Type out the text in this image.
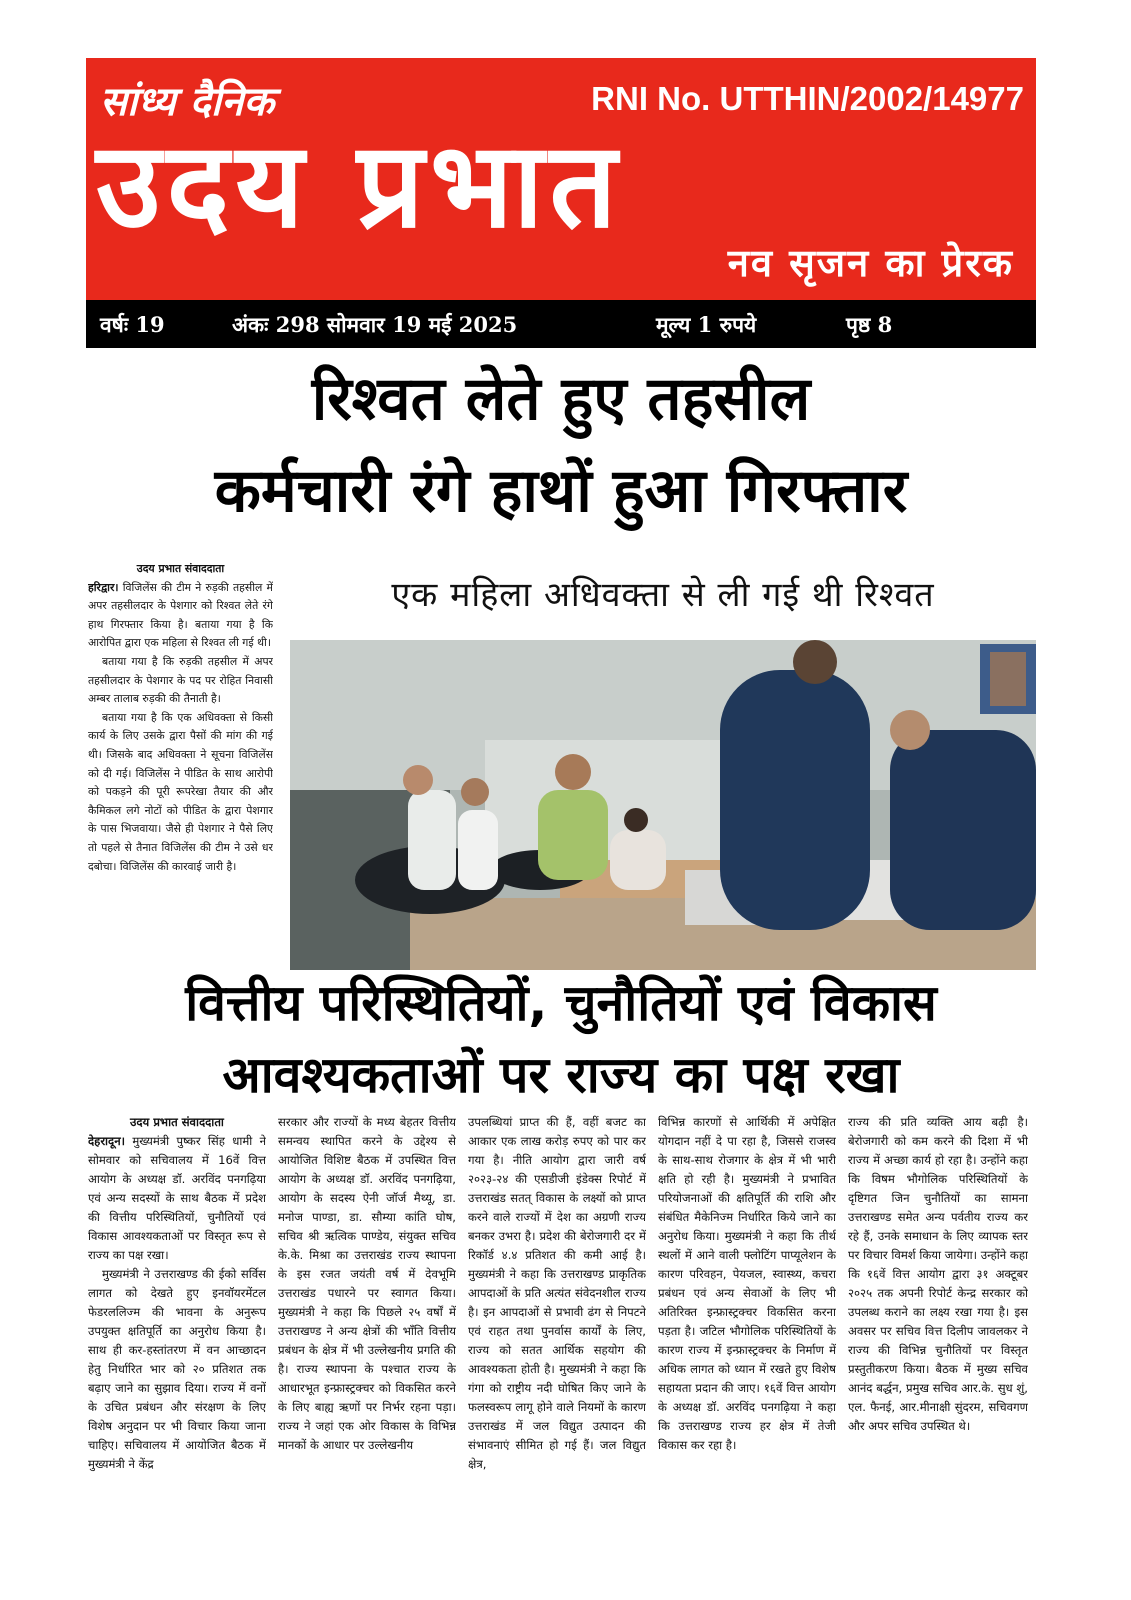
सांध्य दैनिक	RNI No. UTTHIN/2002/14977
उदय प्रभात
नव सृजन का प्रेरक
वर्षः 19	अंकः 298 सोमवार 19 मई 2025	मूल्य 1 रुपये	पृष्ठ 8
रिश्वत लेते हुए तहसील
कर्मचारी रंगे हाथों हुआ गिरफ्तार
उदय प्रभात संवाददाता

हरिद्वार। विजिलेंस की टीम ने रुड़की तहसील में अपर तहसीलदार के पेशगार को रिश्वत लेते रंगे हाथ गिरफ्तार किया है। बताया गया है कि आरोपित द्वारा एक महिला से रिश्वत ली गई थी।

बताया गया है कि रुड़की तहसील में अपर तहसीलदार के पेशगार के पद पर रोहित निवासी अम्बर तालाब रुड़की की तैनाती है।

बताया गया है कि एक अधिवक्ता से किसी कार्य के लिए उसके द्वारा पैसों की मांग की गई थी। जिसके बाद अधिवक्ता ने सूचना विजिलेंस को दी गई। विजिलेंस ने पीडित के साथ आरोपी को पकड़ने की पूरी रूपरेखा तैयार की और कैमिकल लगे नोटों को पीडित के द्वारा पेशगार के पास भिजवाया। जैसे ही पेशगार ने पैसे लिए तो पहले से तैनात विजिलेंस की टीम ने उसे धर दबोचा। विजिलेंस की कारवाई जारी है।

एक महिला अधिवक्ता से ली गई थी रिश्वत
वित्तीय परिस्थितियों, चुनौतियों एवं विकास
आवश्यकताओं पर राज्य का पक्ष रखा
उदय प्रभात संवाददाता

देहरादून। मुख्यमंत्री पुष्कर सिंह धामी ने सोमवार को सचिवालय में 16वें वित्त आयोग के अध्यक्ष डॉ. अरविंद पनगढ़िया एवं अन्य सदस्यों के साथ बैठक में प्रदेश की वित्तीय परिस्थितियों, चुनौतियों एवं विकास आवश्यकताओं पर विस्तृत रूप से राज्य का पक्ष रखा।

मुख्यमंत्री ने उत्तराखण्ड की ईको सर्विस लागत को देखते हुए इनवॉयरमेंटल फेडरललिज्म की भावना के अनुरूप उपयुक्त क्षतिपूर्ति का अनुरोध किया है। साथ ही कर-हस्तांतरण में वन आच्छादन हेतु निर्धारित भार को २० प्रतिशत तक बढ़ाए जाने का सुझाव दिया। राज्य में वनों के उचित प्रबंधन और संरक्षण के लिए विशेष अनुदान पर भी विचार किया जाना चाहिए। सचिवालय में आयोजित बैठक में मुख्यमंत्री ने केंद्र

सरकार और राज्यों के मध्य बेहतर वित्तीय समन्वय स्थापित करने के उद्देश्य से आयोजित विशिष्ट बैठक में उपस्थित वित्त आयोग के अध्यक्ष डॉ. अरविंद पनगढ़िया, आयोग के सदस्य ऐनी जॉर्ज मैथ्यू, डा. मनोज पाण्डा, डा. सौम्या कांति घोष, सचिव श्री ऋत्विक पाण्डेय, संयुक्त सचिव के.के. मिश्रा का उत्तराखंड राज्य स्थापना के इस रजत जयंती वर्ष में देवभूमि उत्तराखंड पधारने पर स्वागत किया। मुख्यमंत्री ने कहा कि पिछले २५ वर्षों में उत्तराखण्ड ने अन्य क्षेत्रों की भाँति वित्तीय प्रबंधन के क्षेत्र में भी उल्लेखनीय प्रगति की है। राज्य स्थापना के पश्चात राज्य के आधारभूत इन्फ्रास्ट्रक्चर को विकसित करने के लिए बाह्य ऋणों पर निर्भर रहना पड़ा। राज्य ने जहां एक ओर विकास के विभिन्न मानकों के आधार पर उल्लेखनीय

उपलब्धियां प्राप्त की हैं, वहीं बजट का आकार एक लाख करोड़ रुपए को पार कर गया है। नीति आयोग द्वारा जारी वर्ष २०२३-२४ की एसडीजी इंडेक्स रिपोर्ट में उत्तराखंड सतत् विकास के लक्ष्यों को प्राप्त करने वाले राज्यों में देश का अग्रणी राज्य बनकर उभरा है। प्रदेश की बेरोजगारी दर में रिकॉर्ड ४.४ प्रतिशत की कमी आई है। मुख्यमंत्री ने कहा कि उत्तराखण्ड प्राकृतिक आपदाओं के प्रति अत्यंत संवेदनशील राज्य है। इन आपदाओं से प्रभावी ढंग से निपटने एवं राहत तथा पुनर्वास कार्यों के लिए, राज्य को सतत आर्थिक सहयोग की आवश्यकता होती है। मुख्यमंत्री ने कहा कि गंगा को राष्ट्रीय नदी घोषित किए जाने के फलस्वरूप लागू होने वाले नियमों के कारण उत्तराखंड में जल विद्युत उत्पादन की संभावनाएं सीमित हो गई हैं। जल विद्युत क्षेत्र,

विभिन्न कारणों से आर्थिकी में अपेक्षित योगदान नहीं दे पा रहा है, जिससे राजस्व के साथ-साथ रोजगार के क्षेत्र में भी भारी क्षति हो रही है। मुख्यमंत्री ने प्रभावित परियोजनाओं की क्षतिपूर्ति की राशि और संबंधित मैकेनिज्म निर्धारित किये जाने का अनुरोध किया। मुख्यमंत्री ने कहा कि तीर्थ स्थलों में आने वाली फ्लोटिंग पाप्यूलेशन के कारण परिवहन, पेयजल, स्वास्थ्य, कचरा प्रबंधन एवं अन्य सेवाओं के लिए भी अतिरिक्त इन्फ्रास्ट्रक्चर विकसित करना पड़ता है। जटिल भौगोलिक परिस्थितियों के कारण राज्य में इन्फ्रास्ट्रक्चर के निर्माण में अधिक लागत को ध्यान में रखते हुए विशेष सहायता प्रदान की जाए। १६वें वित्त आयोग के अध्यक्ष डॉ. अरविंद पनगढ़िया ने कहा कि उत्तराखण्ड राज्य हर क्षेत्र में तेजी विकास कर रहा है।

राज्य की प्रति व्यक्ति आय बढ़ी है। बेरोजगारी को कम करने की दिशा में भी राज्य में अच्छा कार्य हो रहा है। उन्होंने कहा कि विषम भौगोलिक परिस्थितियों के दृष्टिगत जिन चुनौतियों का सामना उत्तराखण्ड समेत अन्य पर्वतीय राज्य कर रहे हैं, उनके समाधान के लिए व्यापक स्तर पर विचार विमर्श किया जायेगा। उन्होंने कहा कि १६वें वित्त आयोग द्वारा ३१ अक्टूबर २०२५ तक अपनी रिपोर्ट केन्द्र सरकार को उपलब्ध कराने का लक्ष्य रखा गया है। इस अवसर पर सचिव वित्त दिलीप जावलकर ने राज्य की विभिन्न चुनौतियों पर विस्तृत प्रस्तुतीकरण किया। बैठक में मुख्य सचिव आनंद बर्द्धन, प्रमुख सचिव आर.के. सुध शुं, एल. फैनई, आर.मीनाक्षी सुंदरम, सचिवगण और अपर सचिव उपस्थित थे।
